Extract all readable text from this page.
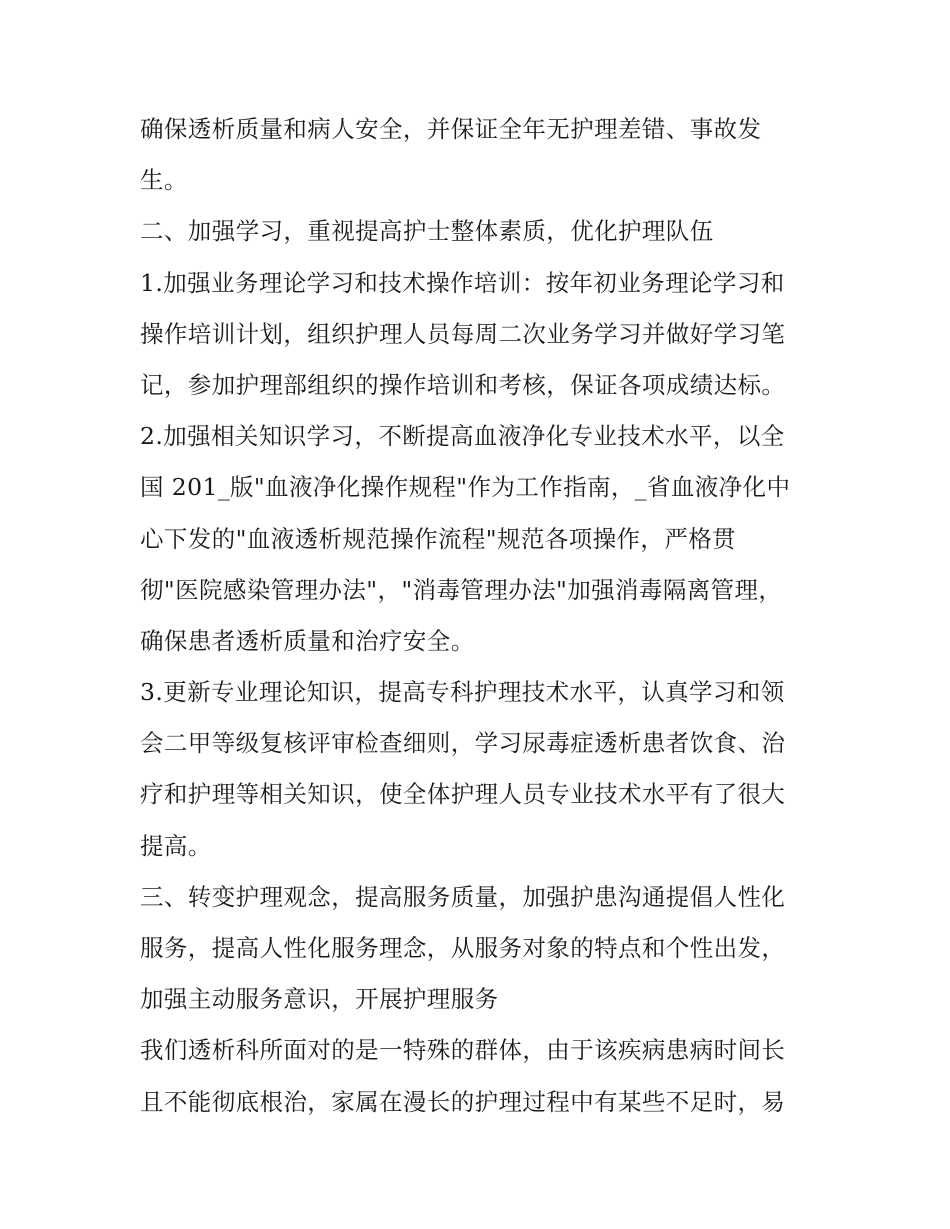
确保透析质量和病人安全，并保证全年无护理差错、事故发
生。
二、加强学习，重视提高护士整体素质，优化护理队伍
1.加强业务理论学习和技术操作培训：按年初业务理论学习和
操作培训计划，组织护理人员每周二次业务学习并做好学习笔
记，参加护理部组织的操作培训和考核，保证各项成绩达标。
2.加强相关知识学习，不断提高血液净化专业技术水平，以全
国 201_版"血液净化操作规程"作为工作指南，_省血液净化中
心下发的"血液透析规范操作流程"规范各项操作，严格贯
彻"医院感染管理办法"，"消毒管理办法"加强消毒隔离管理，
确保患者透析质量和治疗安全。
3.更新专业理论知识，提高专科护理技术水平，认真学习和领
会二甲等级复核评审检查细则，学习尿毒症透析患者饮食、治
疗和护理等相关知识，使全体护理人员专业技术水平有了很大
提高。
三、转变护理观念，提高服务质量，加强护患沟通提倡人性化
服务，提高人性化服务理念，从服务对象的特点和个性出发，
加强主动服务意识，开展护理服务
我们透析科所面对的是一特殊的群体，由于该疾病患病时间长
且不能彻底根治，家属在漫长的护理过程中有某些不足时，易
